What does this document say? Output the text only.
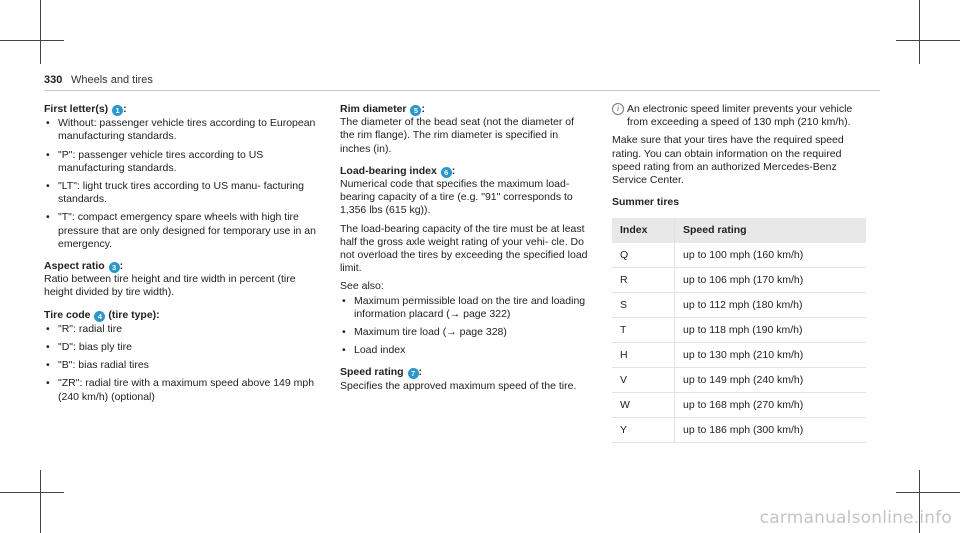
330 Wheels and tires
First letter(s) 1 :
• Without: passenger vehicle tires according to European manufacturing standards.
• "P": passenger vehicle tires according to US manufacturing standards.
• "LT": light truck tires according to US manu- facturing standards.
• "T": compact emergency spare wheels with high tire pressure that are only designed for temporary use in an emergency.
Aspect ratio 3 :

Ratio between tire height and tire width in percent (tire height divided by tire width).

Tire code 4 (tire type):
• "R": radial tire
• "D": bias ply tire
• "B": bias radial tires
• "ZR": radial tire with a maximum speed above 149 mph (240 km/h) (optional)
Rim diameter 5 :

The diameter of the bead seat (not the diameter of the rim flange). The rim diameter is specified in inches (in).

Load-bearing index 6 :

Numerical code that specifies the maximum load- bearing capacity of a tire (e.g. "91" corresponds to 1,356 lbs (615 kg)).

The load-bearing capacity of the tire must be at least half the gross axle weight rating of your vehi- cle. Do not overload the tires by exceeding the specified load limit.

See also:

• Maximum permissible load on the tire and loading information placard (→ page 322)
• Maximum tire load (→ page 328)
• Load index
Speed rating 7 :

Specifies the approved maximum speed of the tire.

i An electronic speed limiter prevents your vehicle from exceeding a speed of 130 mph (210 km/h).

Make sure that your tires have the required speed rating. You can obtain information on the required speed rating from an authorized Mercedes-Benz Service Center.

Summer tires
Index	Speed rating
Q	up to 100 mph (160 km/h)
R	up to 106 mph (170 km/h)
S	up to 112 mph (180 km/h)
T	up to 118 mph (190 km/h)
H	up to 130 mph (210 km/h)
V	up to 149 mph (240 km/h)
W	up to 168 mph (270 km/h)
Y	up to 186 mph (300 km/h)
carmanualsonline.info
